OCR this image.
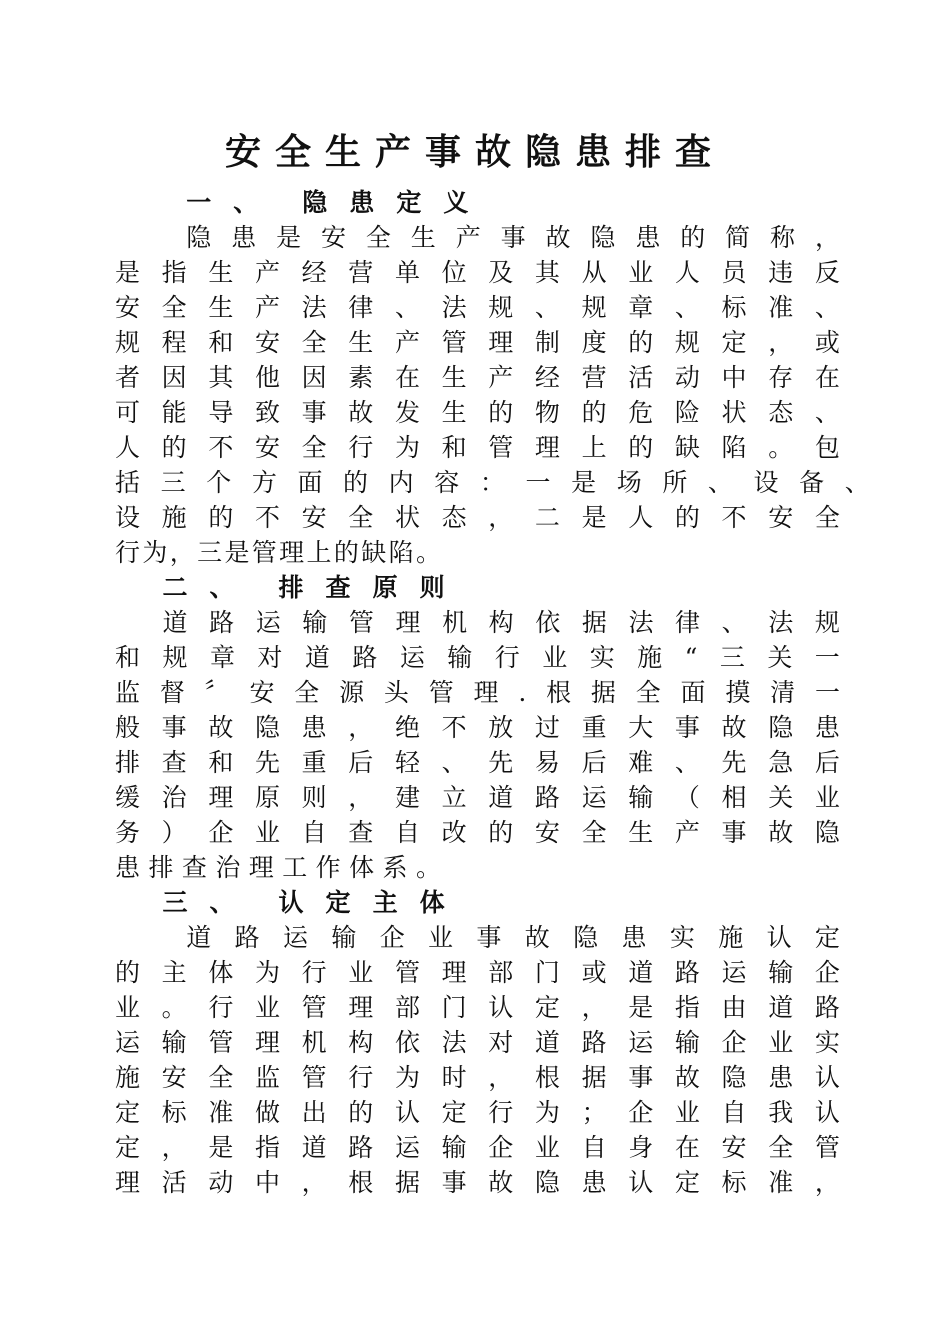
安全生产事故隐患排查

一 、 隐 患 定 义

隐 患 是 安 全 生 产 事 故 隐 患 的 简 称 ，

是 指 生 产 经 营 单 位 及 其 从 业 人 员 违 反

安 全 生 产 法 律 、 法 规 、 规 章 、 标 准 、

规 程 和 安 全 生 产 管 理 制 度 的 规 定 ， 或

者 因 其 他 因 素 在 生 产 经 营 活 动 中 存 在

可 能 导 致 事 故 发 生 的 物 的 危 险 状 态 、

人 的 不 安 全 行 为 和 管 理 上 的 缺 陷 。 包

括 三 个 方 面 的 内 容 ： 一 是 场 所 、 设 备 、

设 施 的 不 安 全 状 态 ， 二 是 人 的 不 安 全

行 为 ， 三 是 管 理 上 的 缺 陷 。

二 、 排 查 原 则

道 路 运 输 管 理 机 构 依 据 法 律 、 法 规

和 规 章 对 道 路 运 输 行 业 实 施 “ 三 关 一

监 督 〞 安 全 源 头 管 理 . 根 据 全 面 摸 清 一

般 事 故 隐 患 ， 绝 不 放 过 重 大 事 故 隐 患

排 查 和 先 重 后 轻 、 先 易 后 难 、 先 急 后

缓 治 理 原 则 ， 建 立 道 路 运 输 （ 相 关 业

务 ） 企 业 自 查 自 改 的 安 全 生 产 事 故 隐

患 排 查 治 理 工 作 体 系 。

三 、 认 定 主 体

道 路 运 输 企 业 事 故 隐 患 实 施 认 定

的 主 体 为 行 业 管 理 部 门 或 道 路 运 输 企

业 。 行 业 管 理 部 门 认 定 ， 是 指 由 道 路

运 输 管 理 机 构 依 法 对 道 路 运 输 企 业 实

施 安 全 监 管 行 为 时 ， 根 据 事 故 隐 患 认

定 标 准 做 出 的 认 定 行 为 ； 企 业 自 我 认

定 ， 是 指 道 路 运 输 企 业 自 身 在 安 全 管

理 活 动 中 ， 根 据 事 故 隐 患 认 定 标 准 ，
